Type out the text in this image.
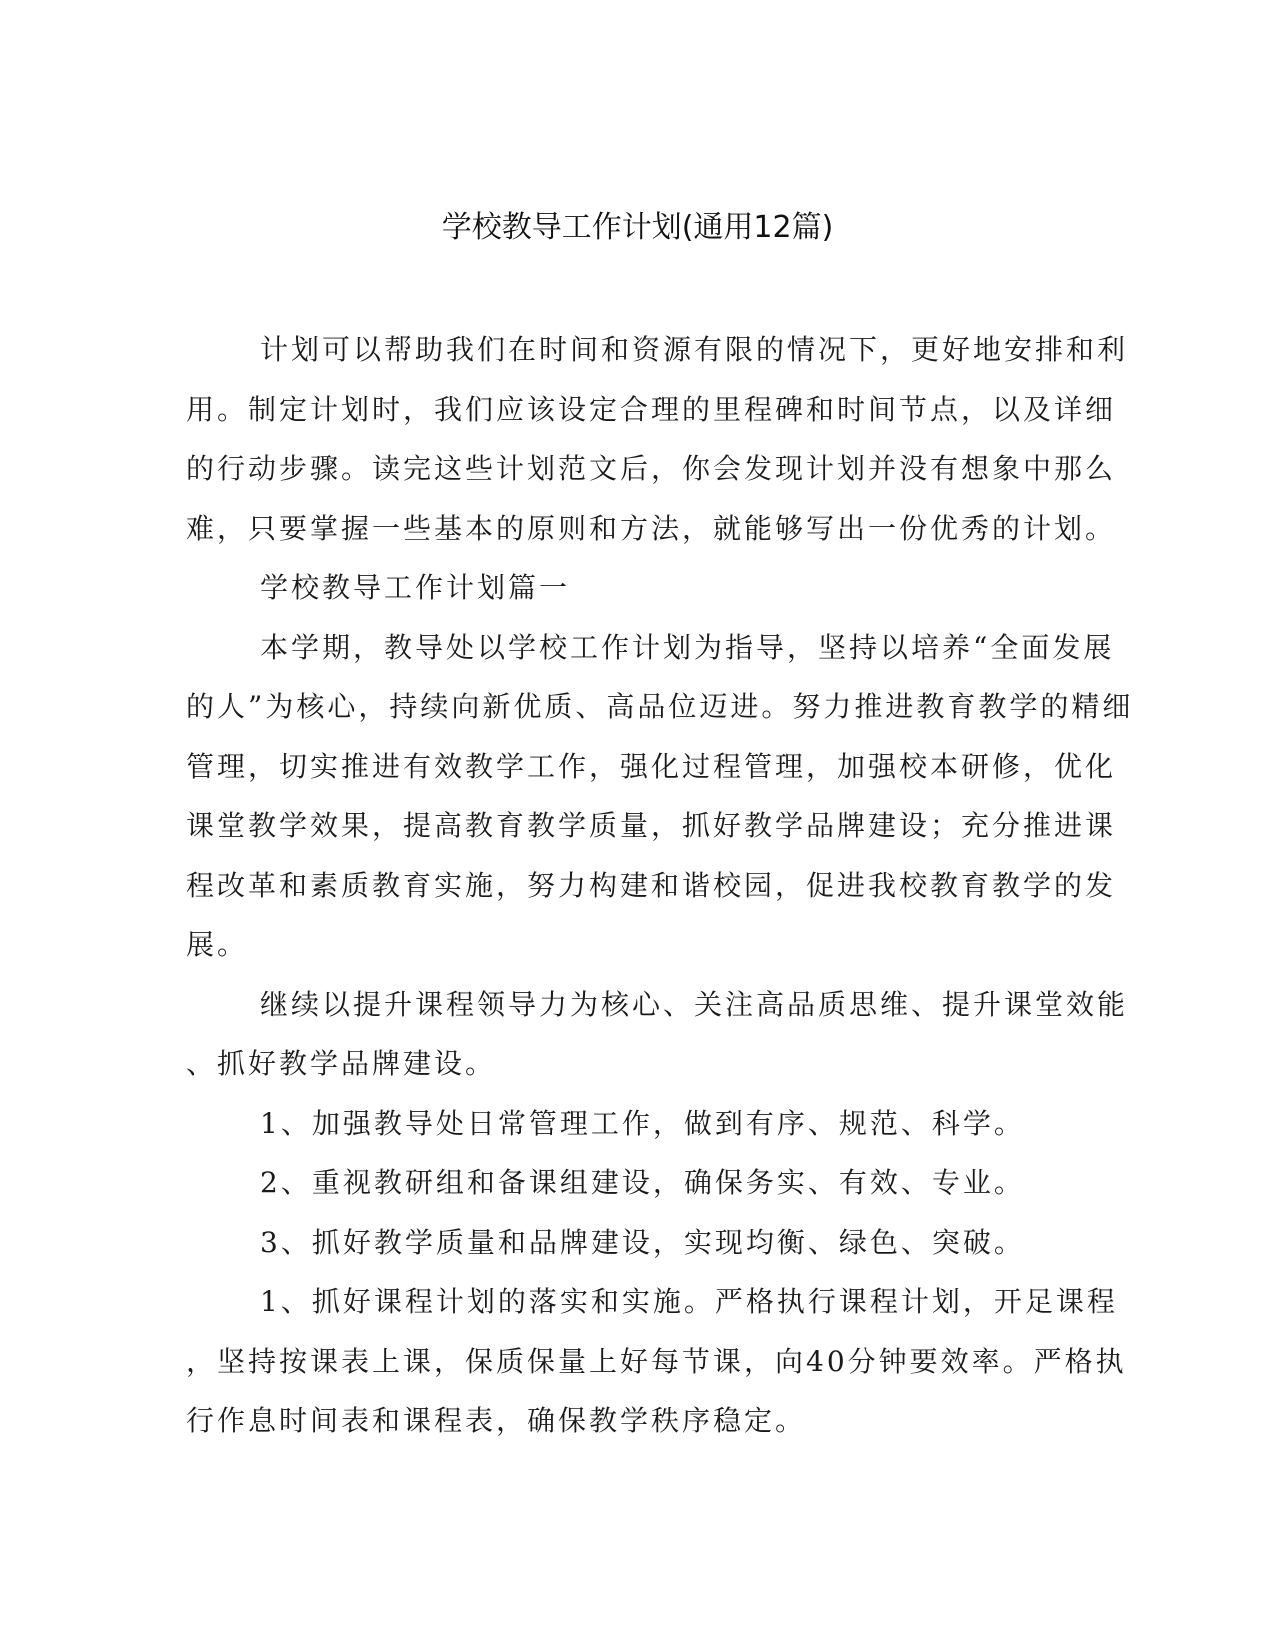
学校教导工作计划(通用12篇)

计划可以帮助我们在时间和资源有限的情况下，更好地安排和利
用。制定计划时，我们应该设定合理的里程碑和时间节点，以及详细
的行动步骤。读完这些计划范文后，你会发现计划并没有想象中那么
难，只要掌握一些基本的原则和方法，就能够写出一份优秀的计划。

学校教导工作计划篇一

本学期，教导处以学校工作计划为指导，坚持以培养“全面发展
的人”为核心，持续向新优质、高品位迈进。努力推进教育教学的精细
管理，切实推进有效教学工作，强化过程管理，加强校本研修，优化
课堂教学效果，提高教育教学质量，抓好教学品牌建设；充分推进课
程改革和素质教育实施，努力构建和谐校园，促进我校教育教学的发
展。

继续以提升课程领导力为核心、关注高品质思维、提升课堂效能
、抓好教学品牌建设。

1、加强教导处日常管理工作，做到有序、规范、科学。

2、重视教研组和备课组建设，确保务实、有效、专业。

3、抓好教学质量和品牌建设，实现均衡、绿色、突破。

1、抓好课程计划的落实和实施。严格执行课程计划，开足课程
，坚持按课表上课，保质保量上好每节课，向40分钟要效率。严格执
行作息时间表和课程表，确保教学秩序稳定。
